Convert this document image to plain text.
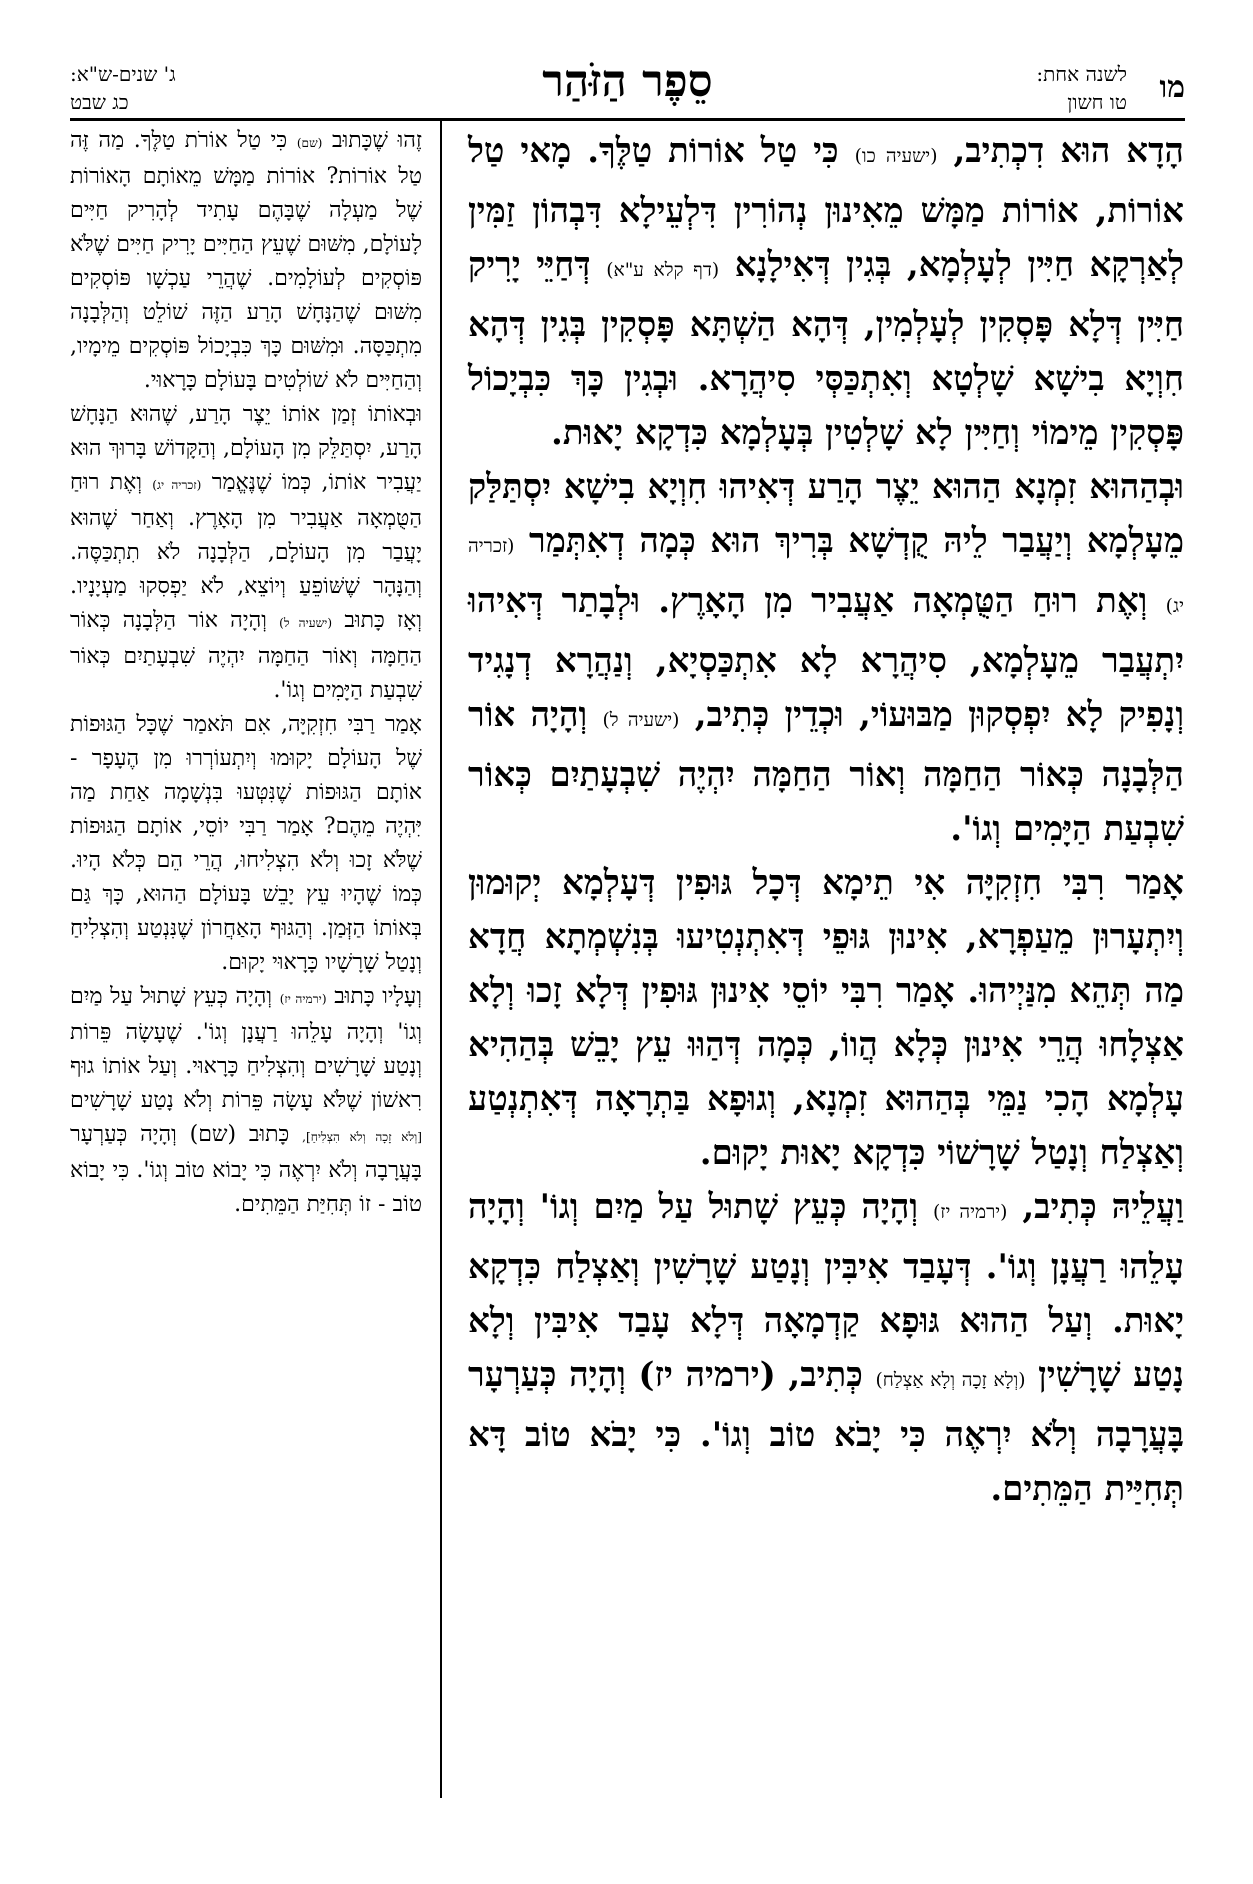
מו
לשנה אחת:
טו חשון
סֵפֶר הַזֹּהַר
ג' שנים-ש"א:
כג שבט

הָדָא הוּא דִכְתִיב, (ישעיה כו) כִּי טַל אוֹרוֹת טַלֶּךָ. מָאי טַל אוֹרוֹת, אוֹרוֹת מַמָּשׁ מֵאִינוּן נְהוֹרִין דִּלְעֵילָא דִּבְהוֹן זַמִּין לְאַרְקָא חַיִּין לְעָלְמָא, בְּגִין דְּאִילָנָא (דף קלא ע"א) דְּחַיֵּי יָרִיק חַיִּין דְּלָא פָּסְקִין לְעָלְמִין, דְּהָא הַשְׁתָּא פָּסְקִין בְּגִין דְּהָא חִוְיָא בִישָׁא שָׁלְטָא וְאִתְכַּסְּי סִיהֲרָא. וּבְגִין כָּךְ כִּבְיָכוֹל פָּסְקִין מֵימוֹי וְחַיִּין לָא שָׁלְטִין בְּעָלְמָא כִּדְקָא יָאוּת.

וּבְהַהוּא זִמְנָא הַהוּא יֵצֶר הָרַע דְּאִיהוּ חִוְיָא בִישָׁא יִסְתַּלַּק מֵעָלְמָא וְיַעֲבַר לֵיהּ קֻדְשָׁא בְּרִיךְ הוּא כְּמָה דְאִתְּמַר (זכריה יג) וְאֶת רוּחַ הַטֻּמְאָה אַעֲבִיר מִן הָאָרֶץ. וּלְבָתַר דְּאִיהוּ יִתְעֲבַר מֵעָלְמָא, סִיהֲרָא לָא אִתְכַּסְיָא, וְנַהֲרָא דְנָגִיד וְנָפִיק לָא יִפְסְקוּן מַבּוּעוֹי, וּכְדֵין כְּתִיב, (ישעיה ל) וְהָיָה אוֹר הַלְּבָנָה כְּאוֹר הַחַמָּה וְאוֹר הַחַמָּה יִהְיֶה שִׁבְעָתַיִם כְּאוֹר שִׁבְעַת הַיָּמִים וְגוֹ'.

אָמַר רִבִּי חִזְקִיָּה אִי תֵימָא דְּכָל גּוּפִין דְּעָלְמָא יְקוּמוּן וְיִתְעָרוּן מֵעַפְרָא, אִינוּן גּוּפֵי דְּאִתְנְטִיעוּ בְּנִשְׁמְתָא חֲדָא מַה תְּהֵא מִנַּיְיהוּ. אָמַר רִבִּי יוֹסֵי אִינוּן גּוּפִין דְּלָא זָכוּ וְלָא אַצְלָחוּ הֲרֵי אִינוּן כְּלָא הֲווֹ, כְּמָה דְּהַוּוּ עֵץ יָבֵשׁ בְּהַהִיא עָלְמָא הָכִי נַמֵּי בְּהַהוּא זִמְנָא, וְגוּפָא בַּתְרָאָה דְּאִתְנְטַע וְאַצְלַח וְנָטַל שָׁרָשׁוֹי כִּדְקָא יָאוּת יָקוּם.

וַעֲלֵיהּ כְּתִיב, (ירמיה יז) וְהָיָה כְּעֵץ שָׁתוּל עַל מַיִם וְגוֹ' וְהָיָה עָלֵהוּ רַעֲנָן וְגוֹ'. דְּעָבַד אִיבִּין וְנָטַע שָׁרָשִׁין וְאַצְלַח כִּדְקָא יָאוּת. וְעַל הַהוּא גּוּפָא קַדְמָאָה דְּלָא עָבַד אִיבִּין וְלָא נָטַע שָׁרָשִׁין (וְלָא זָכָה וְלָא אַצְלַח) כְּתִיב, (ירמיה יז) וְהָיָה כְּעַרְעָר בָּעֲרָבָה וְלֹא יִרְאֶה כִּי יָבֹא טוֹב וְגוֹ'. כִּי יָבֹא טוֹב דָּא תְּחִיַּית הַמֵּתִים.

זֶהוּ שֶׁכָּתוּב (שם) כִּי טַל אוֹרֹת טַלֶּךָ. מַה זֶּה טַל אוֹרוֹת? אוֹרוֹת מַמָּשׁ מֵאוֹתָם הָאוֹרוֹת שֶׁל מַעְלָה שֶׁבָּהֶם עָתִיד לְהָרִיק חַיִּים לָעוֹלָם, מִשּׁוּם שֶׁעֵץ הַחַיִּים יָרִיק חַיִּים שֶׁלֹּא פּוֹסְקִים לְעוֹלָמִים. שֶׁהֲרֵי עַכְשָׁו פּוֹסְקִים מִשּׁוּם שֶׁהַנָּחָשׁ הָרַע הַזֶּה שׁוֹלֵט וְהַלְּבָנָה מִתְכַּסָּה. וּמִשּׁוּם כָּךְ כִּבְיָכוֹל פּוֹסְקִים מֵימָיו, וְהַחַיִּים לֹא שׁוֹלְטִים בָּעוֹלָם כָּרָאוּי.

וּבְאוֹתוֹ זְמַן אוֹתוֹ יֵצֶר הָרַע, שֶׁהוּא הַנָּחָשׁ הָרַע, יִסְתַּלֵּק מִן הָעוֹלָם, וְהַקָּדוֹשׁ בָּרוּךְ הוּא יַעֲבִיר אוֹתוֹ, כְּמוֹ שֶׁנֶּאֱמַר (זכריה יג) וְאֶת רוּחַ הַטֻּמְאָה אַעֲבִיר מִן הָאָרֶץ. וְאַחַר שֶׁהוּא יָעֲבַר מִן הָעוֹלָם, הַלְּבָנָה לֹא תִתְכַּסֶּה. וְהַנָּהָר שֶׁשּׁוֹפֵעַ וְיוֹצֵא, לֹא יַפְסִקוּ מַעְיָנָיו. וְאָז כָּתוּב (ישעיה ל) וְהָיָה אוֹר הַלְּבָנָה כְּאוֹר הַחַמָּה וְאוֹר הַחַמָּה יִהְיֶה שִׁבְעָתַיִם כְּאוֹר שִׁבְעַת הַיָּמִים וְגוֹ'.

אָמַר רַבִּי חִזְקִיָּה, אִם תֹּאמַר שֶׁכָּל הַגּוּפוֹת שֶׁל הָעוֹלָם יָקוּמוּ וְיִתְעוֹרְרוּ מִן הֶעָפָר - אוֹתָם הַגּוּפוֹת שֶׁנִּטְּעוּ בִּנְשָׁמָה אַחַת מַה יִּהְיֶה מֵהֶם? אָמַר רַבִּי יוֹסֵי, אוֹתָם הַגּוּפוֹת שֶׁלֹּא זָכוּ וְלֹא הִצְלִיחוּ, הֲרֵי הֵם כְּלֹא הָיוּ. כְּמוֹ שֶׁהָיוּ עֵץ יָבֵשׁ בָּעוֹלָם הַהוּא, כָּךְ גַּם בְּאוֹתוֹ הַזְּמַן. וְהַגּוּף הָאַחֲרוֹן שֶׁנִּנְטַע וְהִצְלִיחַ וְנָטַל שָׁרָשָׁיו כָּרָאוּי יָקוּם.

וְעָלָיו כָּתוּב (ירמיה יז) וְהָיָה כְּעֵץ שָׁתוּל עַל מַיִם וְגוֹ' וְהָיָה עָלֵהוּ רַעֲנָן וְגוֹ'. שֶׁעָשָׂה פֵּרוֹת וְנָטַע שָׁרָשִׁים וְהִצְלִיחַ כָּרָאוּי. וְעַל אוֹתוֹ גוּף רִאשׁוֹן שֶׁלֹּא עָשָׂה פֵּרוֹת וְלֹא נָטַע שָׁרָשִׁים [וְלֹא זָכָה וְלֹא הִצְלִיחַ], כָּתוּב (שם) וְהָיָה כְּעַרְעָר בָּעֲרָבָה וְלֹא יִרְאֶה כִּי יָבוֹא טוֹב וְגוֹ'. כִּי יָבוֹא טוֹב - זוֹ תְּחִיַּת הַמֵּתִים.
